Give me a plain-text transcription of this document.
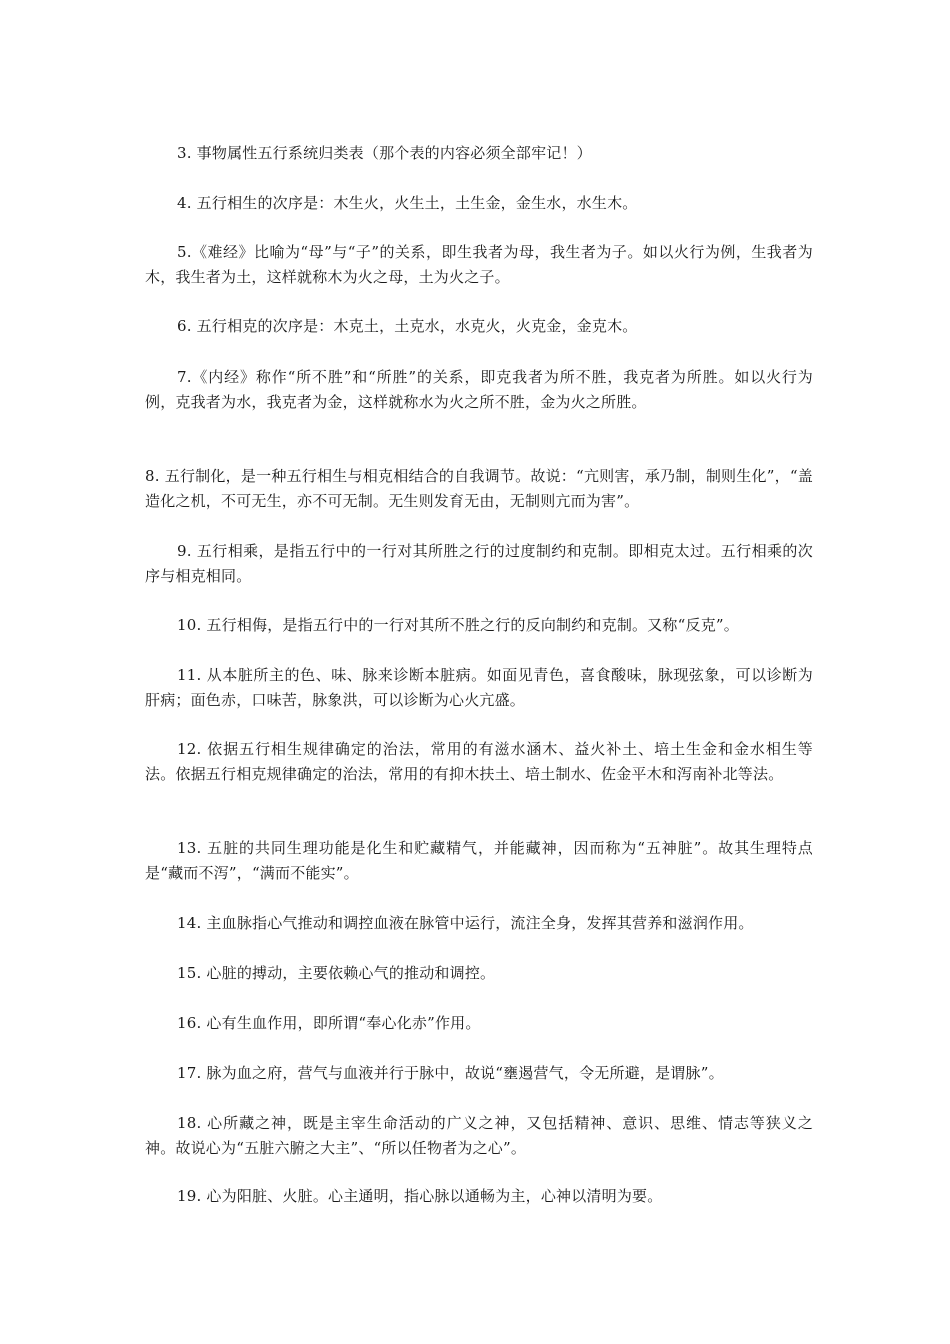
3. 事物属性五行系统归类表（那个表的内容必须全部牢记！）

4. 五行相生的次序是：木生火，火生土，土生金，金生水，水生木。

5.《难经》比喻为“母”与“子”的关系，即生我者为母，我生者为子。如以火行为例，生我者为木，我生者为土，这样就称木为火之母，土为火之子。

6. 五行相克的次序是：木克土，土克水，水克火，火克金，金克木。

7.《内经》称作“所不胜”和“所胜”的关系，即克我者为所不胜，我克者为所胜。如以火行为例，克我者为水，我克者为金，这样就称水为火之所不胜，金为火之所胜。

8. 五行制化，是一种五行相生与相克相结合的自我调节。故说：“亢则害，承乃制，制则生化”，“盖造化之机，不可无生，亦不可无制。无生则发育无由，无制则亢而为害”。

9. 五行相乘，是指五行中的一行对其所胜之行的过度制约和克制。即相克太过。五行相乘的次序与相克相同。

10. 五行相侮，是指五行中的一行对其所不胜之行的反向制约和克制。又称“反克”。

11. 从本脏所主的色、味、脉来诊断本脏病。如面见青色，喜食酸味，脉现弦象，可以诊断为肝病；面色赤，口味苦，脉象洪，可以诊断为心火亢盛。

12. 依据五行相生规律确定的治法，常用的有滋水涵木、益火补土、培土生金和金水相生等法。依据五行相克规律确定的治法，常用的有抑木扶土、培土制水、佐金平木和泻南补北等法。

13. 五脏的共同生理功能是化生和贮藏精气，并能藏神，因而称为“五神脏”。故其生理特点是“藏而不泻”，“满而不能实”。

14. 主血脉指心气推动和调控血液在脉管中运行，流注全身，发挥其营养和滋润作用。

15. 心脏的搏动，主要依赖心气的推动和调控。

16. 心有生血作用，即所谓“奉心化赤”作用。

17. 脉为血之府，营气与血液并行于脉中，故说“壅遏营气，令无所避，是谓脉”。

18. 心所藏之神，既是主宰生命活动的广义之神，又包括精神、意识、思维、情志等狭义之神。故说心为“五脏六腑之大主”、“所以任物者为之心”。

19. 心为阳脏、火脏。心主通明，指心脉以通畅为主，心神以清明为要。
